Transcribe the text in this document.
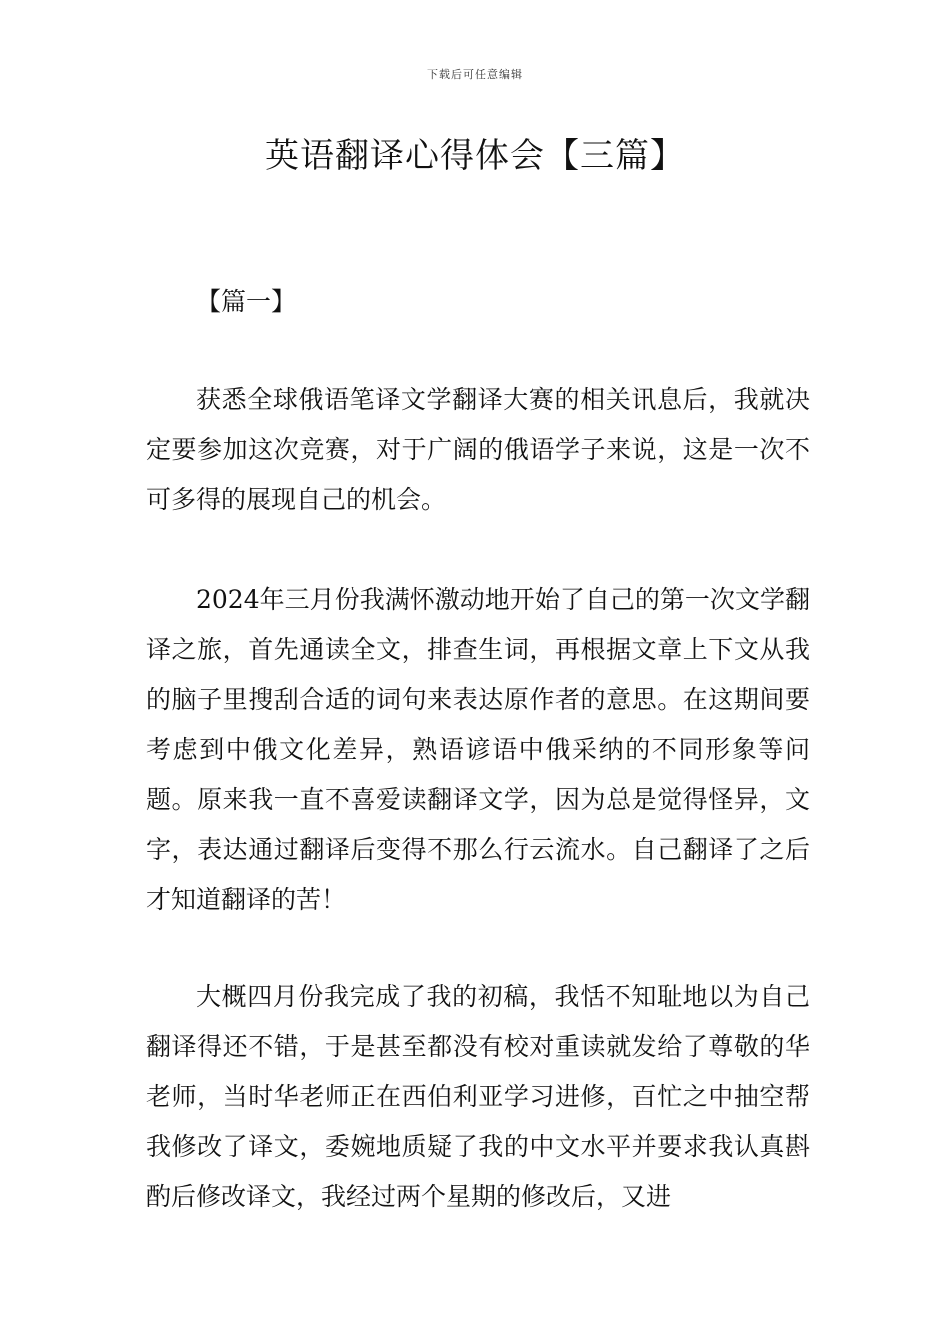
下载后可任意编辑
英语翻译心得体会【三篇】
【篇一】

获悉全球俄语笔译文学翻译大赛的相关讯息后，我就决定要参加这次竞赛，对于广阔的俄语学子来说，这是一次不可多得的展现自己的机会。

2024年三月份我满怀激动地开始了自己的第一次文学翻译之旅，首先通读全文，排查生词，再根据文章上下文从我的脑子里搜刮合适的词句来表达原作者的意思。在这期间要考虑到中俄文化差异，熟语谚语中俄采纳的不同形象等问题。原来我一直不喜爱读翻译文学，因为总是觉得怪异，文字，表达通过翻译后变得不那么行云流水。自己翻译了之后才知道翻译的苦！

大概四月份我完成了我的初稿，我恬不知耻地以为自己翻译得还不错，于是甚至都没有校对重读就发给了尊敬的华老师，当时华老师正在西伯利亚学习进修，百忙之中抽空帮我修改了译文，委婉地质疑了我的中文水平并要求我认真斟酌后修改译文，我经过两个星期的修改后，又进
